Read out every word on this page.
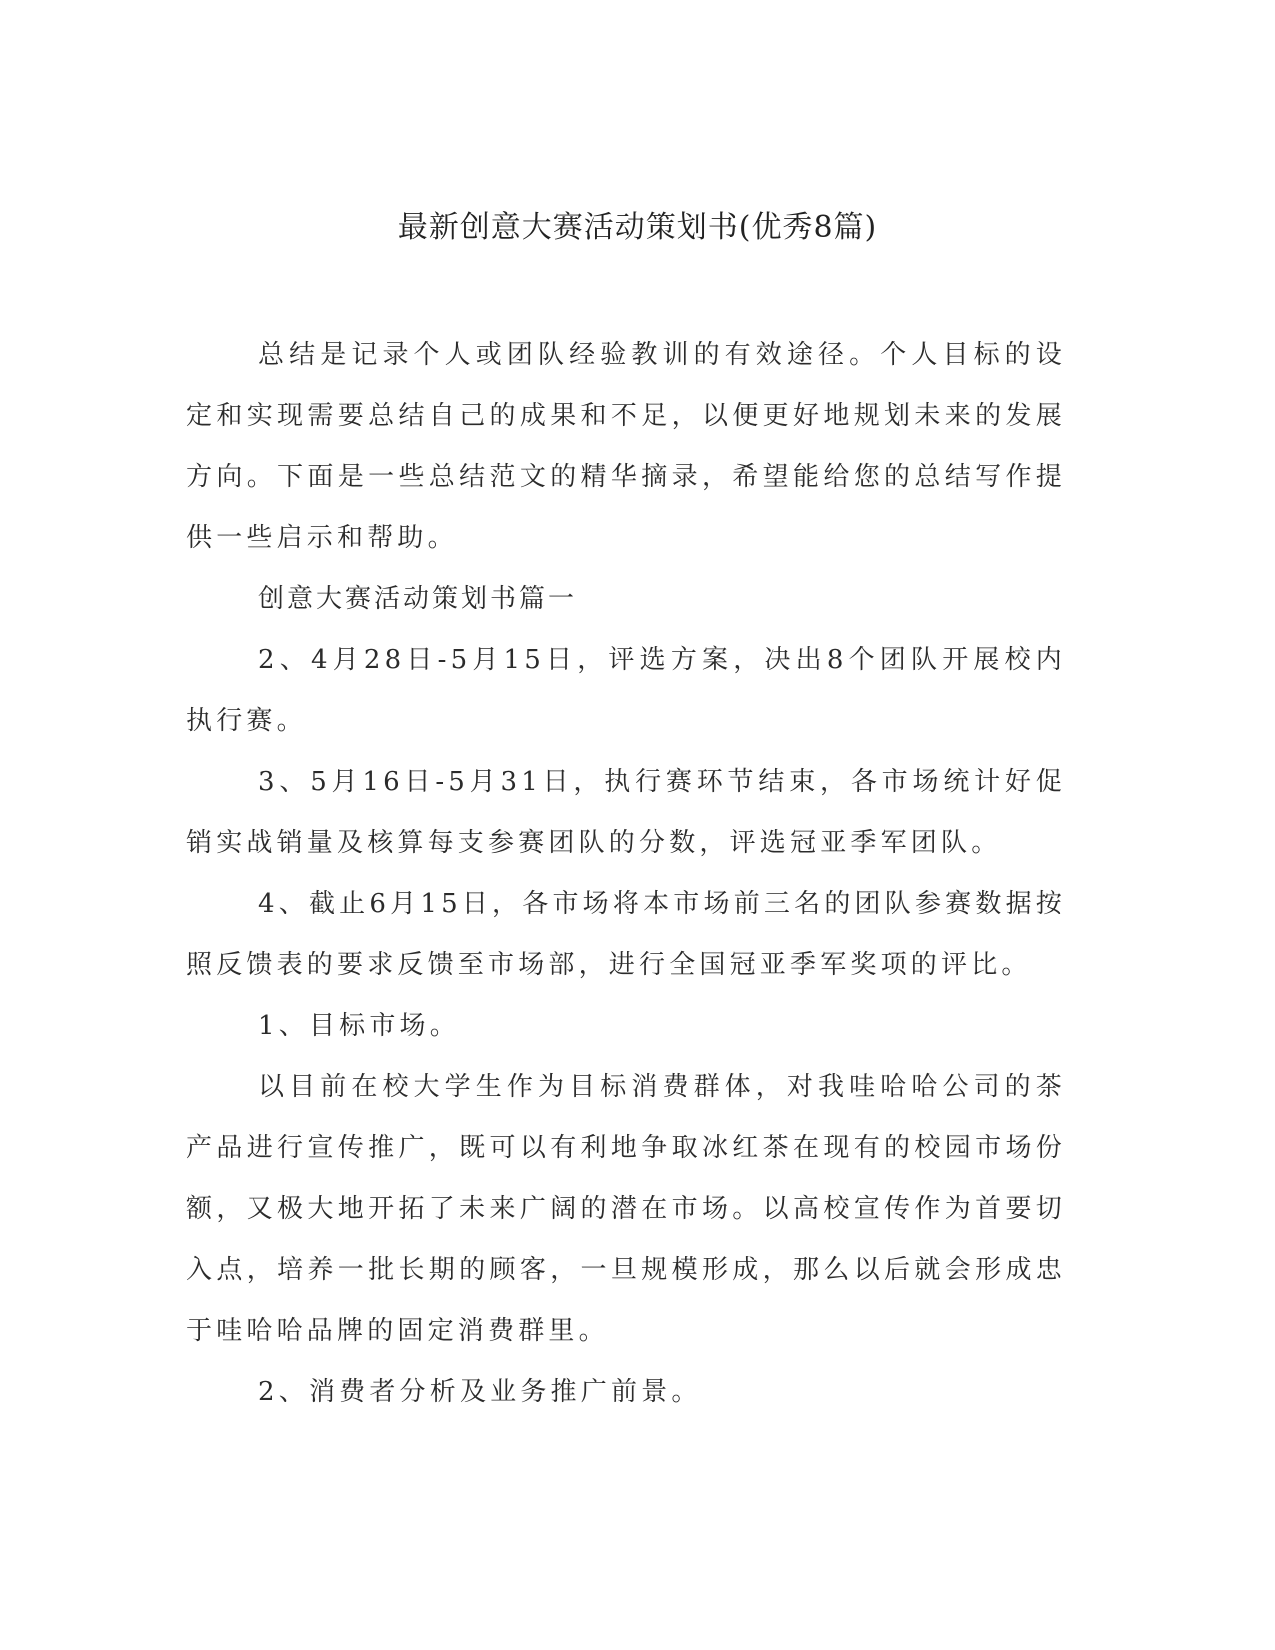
最新创意大赛活动策划书(优秀8篇)

总结是记录个人或团队经验教训的有效途径。个人目标的设定和实现需要总结自己的成果和不足，以便更好地规划未来的发展方向。下面是一些总结范文的精华摘录，希望能给您的总结写作提供一些启示和帮助。

创意大赛活动策划书篇一

2、4月28日-5月15日，评选方案，决出8个团队开展校内执行赛。

3、5月16日-5月31日，执行赛环节结束，各市场统计好促销实战销量及核算每支参赛团队的分数，评选冠亚季军团队。

4、截止6月15日，各市场将本市场前三名的团队参赛数据按照反馈表的要求反馈至市场部，进行全国冠亚季军奖项的评比。

1、目标市场。

以目前在校大学生作为目标消费群体，对我哇哈哈公司的茶产品进行宣传推广，既可以有利地争取冰红茶在现有的校园市场份额，又极大地开拓了未来广阔的潜在市场。以高校宣传作为首要切入点，培养一批长期的顾客，一旦规模形成，那么以后就会形成忠于哇哈哈品牌的固定消费群里。

2、消费者分析及业务推广前景。
